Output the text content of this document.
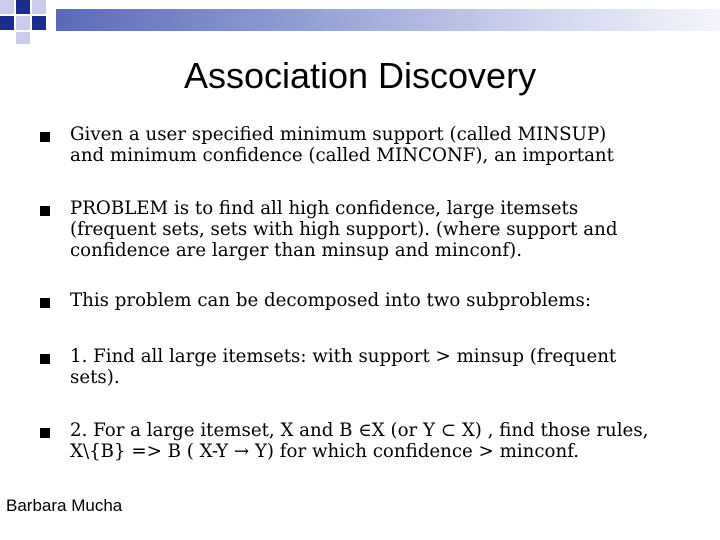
Association Discovery
Given a user specified minimum support (called MINSUP)
and minimum confidence (called MINCONF), an important
PROBLEM is to find all high confidence, large itemsets
(frequent sets, sets with high support). (where support and
confidence are larger than minsup and minconf).
This problem can be decomposed into two subproblems:
1. Find all large itemsets: with support > minsup (frequent
sets).
2. For a large itemset, X and B ∈X (or Y ⊂ X) , find those rules,
X\{B} => B ( X-Y → Y) for which confidence > minconf.
Barbara Mucha
